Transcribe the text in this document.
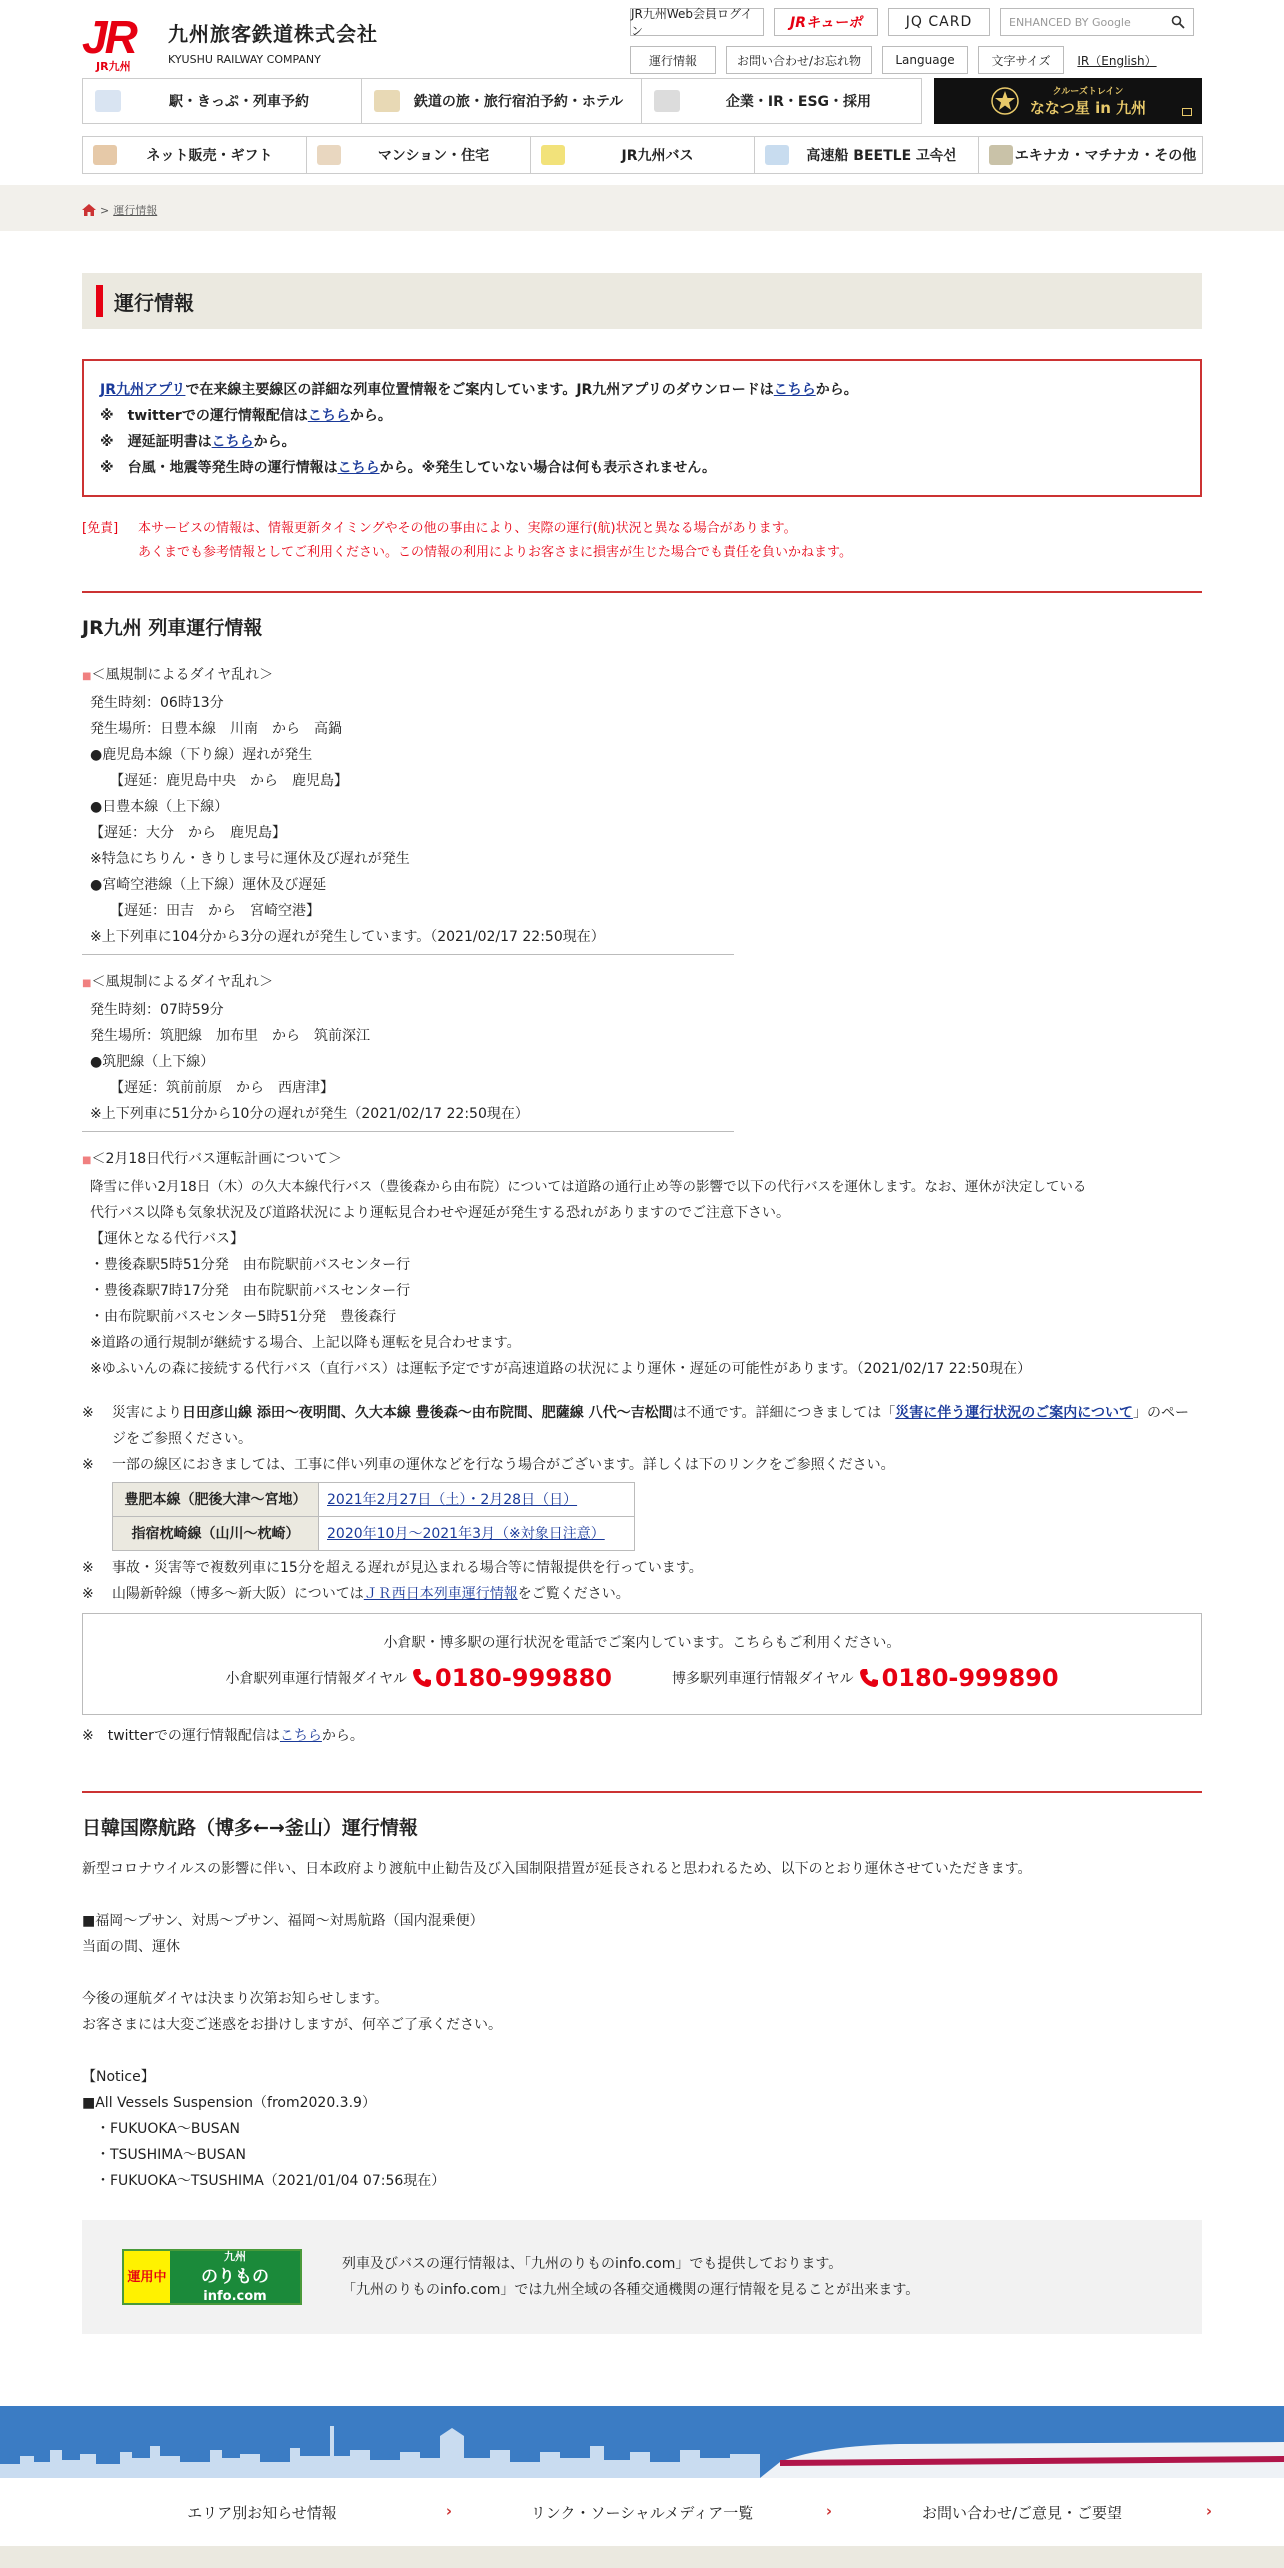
JR
JR九州
九州旅客鉄道株式会社
KYUSHU RAILWAY COMPANY
JR九州Web会員ログイン	JRキューポ	JQ CARD	ENHANCED BY Google
運行情報	お問い合わせ/お忘れ物	Language	文字サイズ	IR（English）
駅・きっぷ・列車予約	鉄道の旅・旅行宿泊予約・ホテル	企業・IR・ESG・採用
クルーズトレイン
ななつ星 in 九州
ネット販売・ギフト	マンション・住宅	JR九州バス	高速船 BEETLE 고속선	エキナカ・マチナカ・その他
> 運行情報
運行情報
JR九州アプリで在来線主要線区の詳細な列車位置情報をご案内しています。JR九州アプリのダウンロードはこちらから。
※　twitterでの運行情報配信はこちらから。
※　遅延証明書はこちらから。
※　台風・地震等発生時の運行情報はこちらから。※発生していない場合は何も表示されません。
[免責]	本サービスの情報は、情報更新タイミングやその他の事由により、実際の運行(航)状況と異なる場合があります。
あくまでも参考情報としてご利用ください。この情報の利用によりお客さまに損害が生じた場合でも責任を負いかねます。
JR九州 列車運行情報
■ ＜風規制によるダイヤ乱れ＞
発生時刻：06時13分
発生場所：日豊本線　川南　から　高鍋
●鹿児島本線（下り線）遅れが発生
【遅延：鹿児島中央　から　鹿児島】
●日豊本線（上下線）
【遅延：大分　から　鹿児島】
※特急にちりん・きりしま号に運休及び遅れが発生
●宮崎空港線（上下線）運休及び遅延
【遅延：田吉　から　宮崎空港】
※上下列車に104分から3分の遅れが発生しています。（2021/02/17 22:50現在）
■ ＜風規制によるダイヤ乱れ＞
発生時刻：07時59分
発生場所：筑肥線　加布里　から　筑前深江
●筑肥線（上下線）
【遅延：筑前前原　から　西唐津】
※上下列車に51分から10分の遅れが発生（2021/02/17 22:50現在）
■ ＜2月18日代行バス運転計画について＞
降雪に伴い2月18日（木）の久大本線代行バス（豊後森から由布院）については道路の通行止め等の影響で以下の代行バスを運休します。なお、運休が決定している
代行バス以降も気象状況及び道路状況により運転見合わせや遅延が発生する恐れがありますのでご注意下さい。
【運休となる代行バス】
・豊後森駅5時51分発　由布院駅前バスセンター行
・豊後森駅7時17分発　由布院駅前バスセンター行
・由布院駅前バスセンター5時51分発　豊後森行
※道路の通行規制が継続する場合、上記以降も運転を見合わせます。
※ゆふいんの森に接続する代行バス（直行バス）は運転予定ですが高速道路の状況により運休・遅延の可能性があります。（2021/02/17 22:50現在）
※	災害により日田彦山線 添田～夜明間、久大本線 豊後森～由布院間、肥薩線 八代～吉松間は不通です。詳細につきましては「災害に伴う運行状況のご案内について」のページをご参照ください。
※	一部の線区におきましては、工事に伴い列車の運休などを行なう場合がございます。詳しくは下のリンクをご参照ください。
豊肥本線（肥後大津～宮地）	2021年2月27日（土）・2月28日（日）
指宿枕崎線（山川～枕崎）	2020年10月～2021年3月（※対象日注意）
※	事故・災害等で複数列車に15分を超える遅れが見込まれる場合等に情報提供を行っています。
※	山陽新幹線（博多～新大阪）についてはＪＲ西日本列車運行情報をご覧ください。
小倉駅・博多駅の運行状況を電話でご案内しています。こちらもご利用ください。
小倉駅列車運行情報ダイヤル 0180-999880	博多駅列車運行情報ダイヤル 0180-999890
※　twitterでの運行情報配信はこちらから。
日韓国際航路（博多←→釜山）運行情報
新型コロナウイルスの影響に伴い、日本政府より渡航中止勧告及び入国制限措置が延長されると思われるため、以下のとおり運休させていただきます。
■福岡〜プサン、対馬〜プサン、福岡〜対馬航路（国内混乗便）
当面の間、運休
今後の運航ダイヤは決まり次第お知らせします。
お客さまには大変ご迷惑をお掛けしますが、何卒ご了承ください。
【Notice】
■All Vessels Suspension（from2020.3.9）
　・FUKUOKA〜BUSAN
　・TSUSHIMA〜BUSAN
　・FUKUOKA〜TSUSHIMA（2021/01/04 07:56現在）
運用中
九州
のりもの
info.com
列車及びバスの運行情報は、「九州のりものinfo.com」でも提供しております。
「九州のりものinfo.com」では九州全域の各種交通機関の運行情報を見ることが出来ます。
エリア別お知らせ情報	›	リンク・ソーシャルメディア一覧	›	お問い合わせ/ご意見・ご要望	›
